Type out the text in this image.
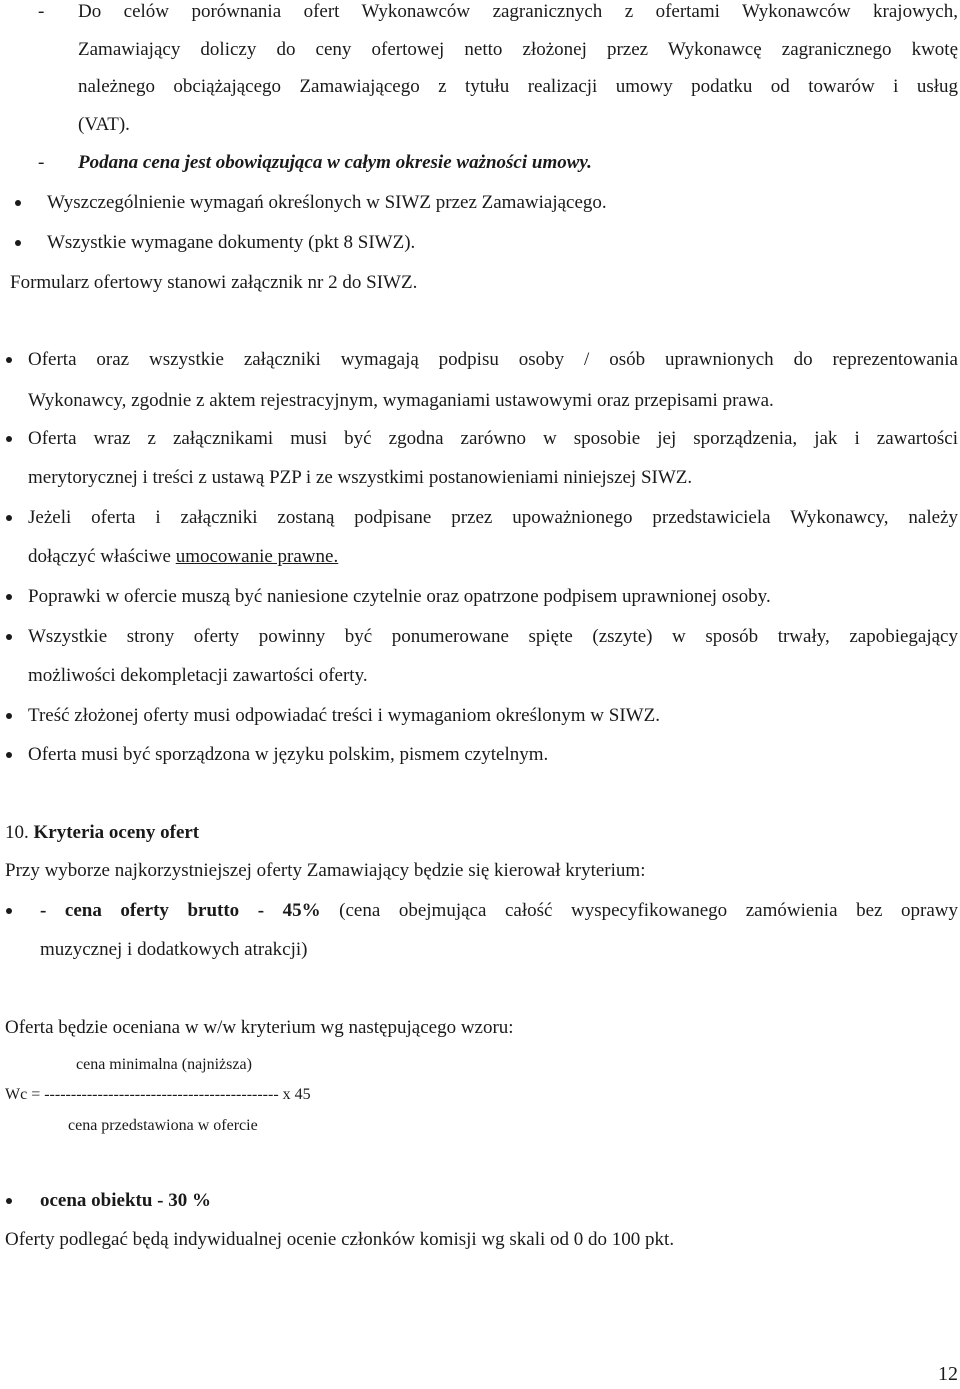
- Do celów porównania ofert Wykonawców zagranicznych z ofertami Wykonawców krajowych,
Zamawiający doliczy do ceny ofertowej netto złożonej przez Wykonawcę zagranicznego kwotę
należnego obciążającego Zamawiającego z tytułu realizacji umowy podatku od towarów i usług
(VAT).
- Podana cena jest obowiązująca w całym okresie ważności umowy.
Wyszczególnienie wymagań określonych w SIWZ przez Zamawiającego.
Wszystkie wymagane dokumenty (pkt 8 SIWZ).
Formularz ofertowy stanowi załącznik nr 2 do SIWZ.
Oferta oraz wszystkie załączniki wymagają podpisu osoby / osób uprawnionych do reprezentowania
Wykonawcy, zgodnie z aktem rejestracyjnym, wymaganiami ustawowymi oraz przepisami prawa.
Oferta wraz z załącznikami musi być zgodna zarówno w sposobie jej sporządzenia, jak i zawartości
merytorycznej i treści z ustawą PZP i ze wszystkimi postanowieniami niniejszej SIWZ.
Jeżeli oferta i załączniki zostaną podpisane przez upoważnionego przedstawiciela Wykonawcy, należy
dołączyć właściwe umocowanie prawne.
Poprawki w ofercie muszą być naniesione czytelnie oraz opatrzone podpisem uprawnionej osoby.
Wszystkie strony oferty powinny być ponumerowane spięte (zszyte) w sposób trwały, zapobiegający
możliwości dekompletacji zawartości oferty.
Treść złożonej oferty musi odpowiadać treści i wymaganiom określonym w SIWZ.
Oferta musi być sporządzona w języku polskim, pismem czytelnym.
10. Kryteria oceny ofert
Przy wyborze najkorzystniejszej oferty Zamawiający będzie się kierował kryterium:
- cena oferty brutto - 45% (cena obejmująca całość wyspecyfikowanego zamówienia bez oprawy
muzycznej i dodatkowych atrakcji)
Oferta będzie oceniana w w/w kryterium wg następującego wzoru:
cena minimalna (najniższa)
Wc = -------------------------------------------- x 45
cena przedstawiona w ofercie
ocena obiektu - 30 %
Oferty podlegać będą indywidualnej ocenie członków komisji wg skali od 0 do 100 pkt.
12
